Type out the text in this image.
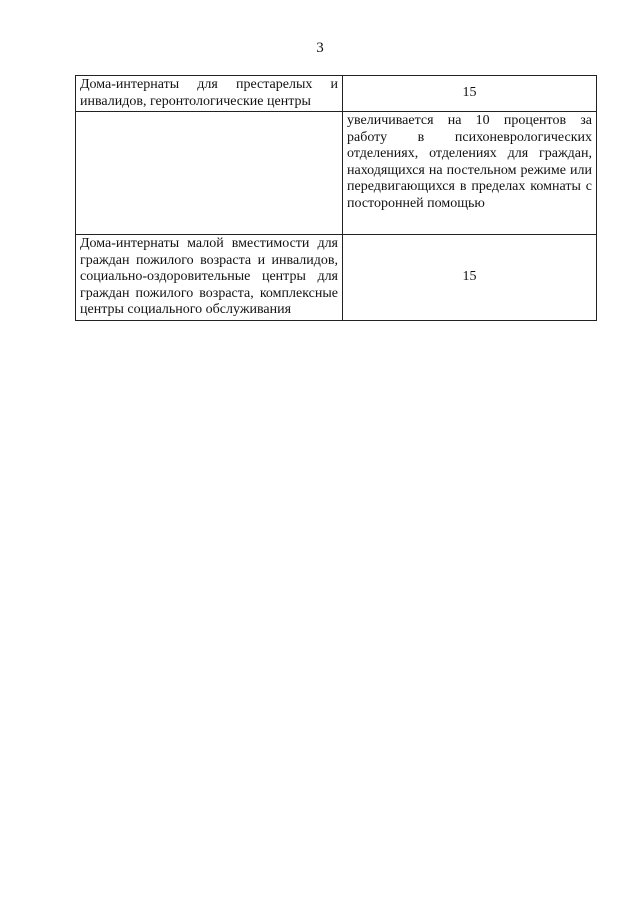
3
Дома-интернаты для престарелых и инвалидов, геронтологические центры	15
	увеличивается на 10 процентов за работу в психоневрологических отделениях, отделениях для граждан, находящихся на постельном режиме или передвигающихся в пределах комнаты с посторонней помощью
Дома-интернаты малой вместимости для граждан пожилого возраста и инвалидов, социально-оздоровительные центры для граждан пожилого возраста, комплексные центры социального обслуживания	15
